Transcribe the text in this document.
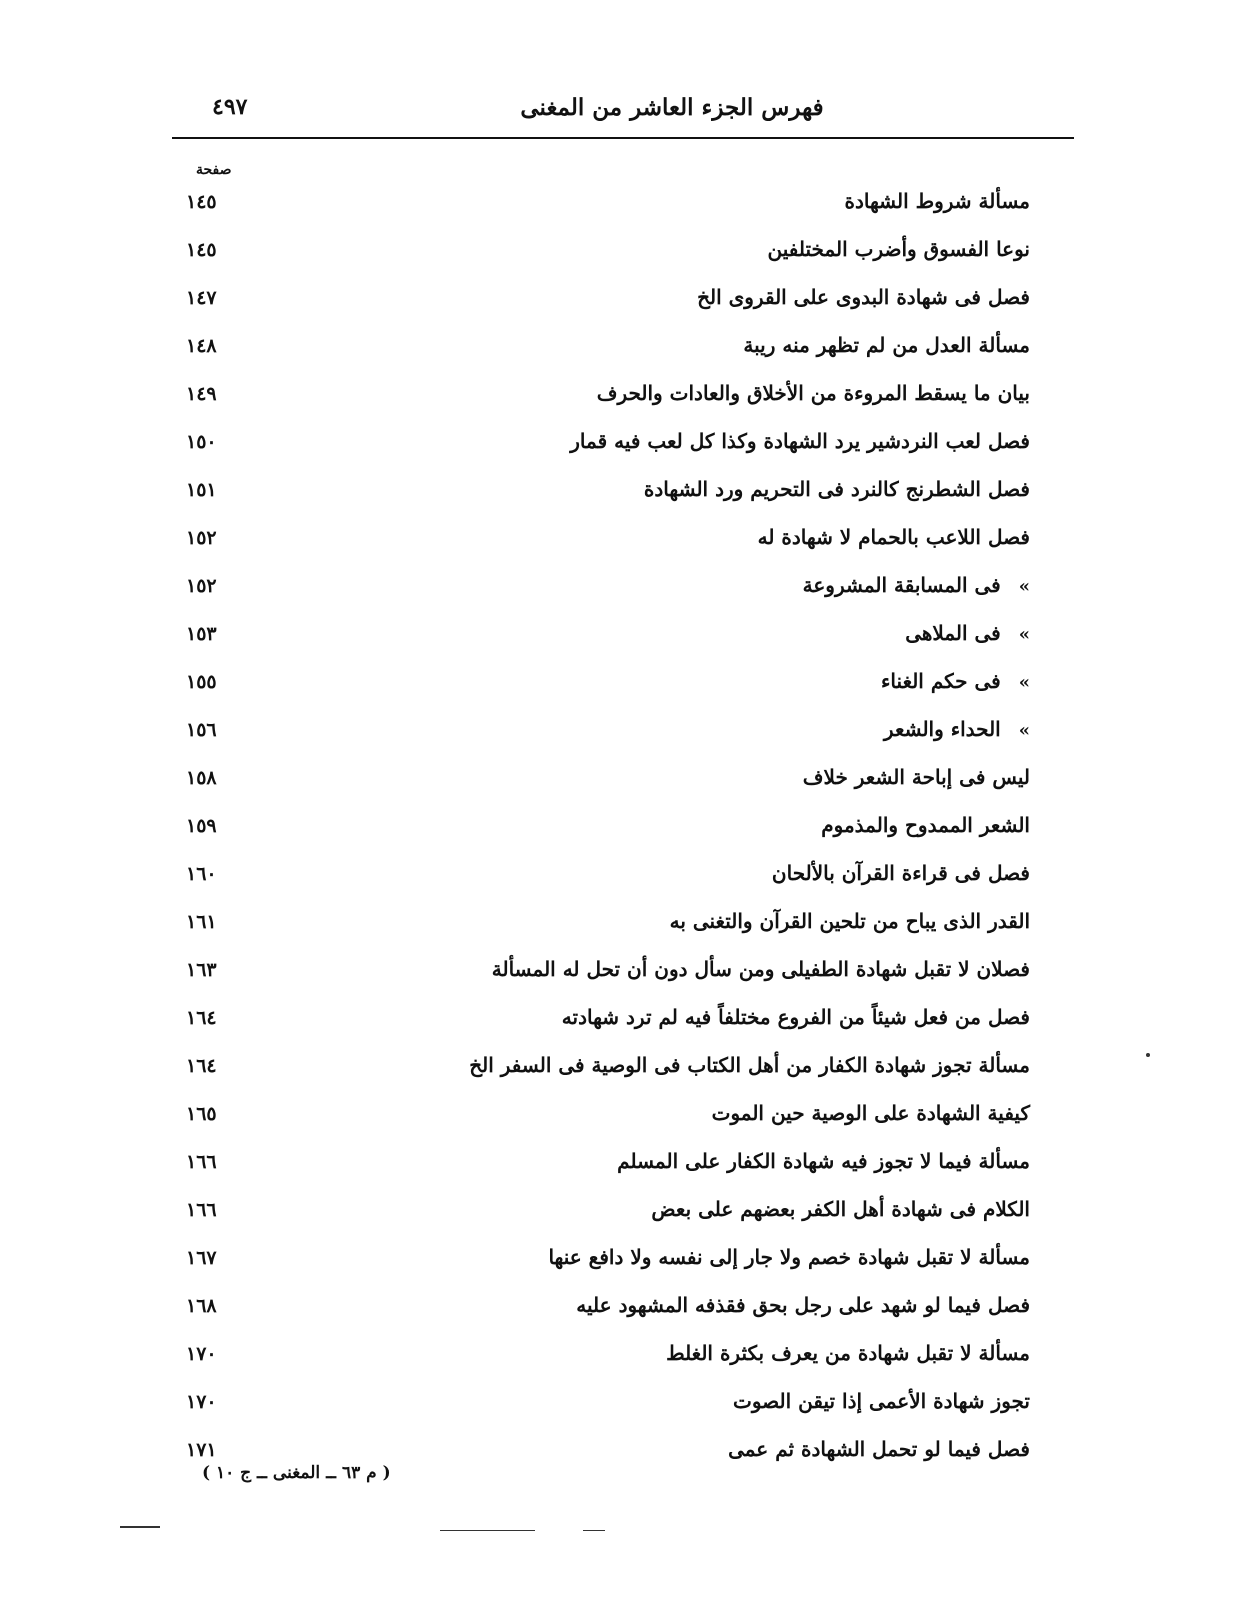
فهرس الجزء العاشر من المغنى
٤٩٧
صفحة
مسألة شروط الشهادة
١٤٥
نوعا الفسوق وأضرب المختلفين
١٤٥
فصل فى شهادة البدوى على القروى الخ
١٤٧
مسألة العدل من لم تظهر منه ريبة
١٤٨
بيان ما يسقط المروءة من الأخلاق والعادات والحرف
١٤٩
فصل لعب النردشير يرد الشهادة وكذا كل لعب فيه قمار
١٥٠
فصل الشطرنج كالنرد فى التحريم ورد الشهادة
١٥١
فصل اللاعب بالحمام لا شهادة له
١٥٢
»فى المسابقة المشروعة
١٥٢
»فى الملاهى
١٥٣
»فى حكم الغناء
١٥٥
»الحداء والشعر
١٥٦
ليس فى إباحة الشعر خلاف
١٥٨
الشعر الممدوح والمذموم
١٥٩
فصل فى قراءة القرآن بالألحان
١٦٠
القدر الذى يباح من تلحين القرآن والتغنى به
١٦١
فصلان لا تقبل شهادة الطفيلى ومن سأل دون أن تحل له المسألة
١٦٣
فصل من فعل شيئاً من الفروع مختلفاً فيه لم ترد شهادته
١٦٤
مسألة تجوز شهادة الكفار من أهل الكتاب فى الوصية فى السفر الخ
١٦٤
كيفية الشهادة على الوصية حين الموت
١٦٥
مسألة فيما لا تجوز فيه شهادة الكفار على المسلم
١٦٦
الكلام فى شهادة أهل الكفر بعضهم على بعض
١٦٦
مسألة لا تقبل شهادة خصم ولا جار إلى نفسه ولا دافع عنها
١٦٧
فصل فيما لو شهد على رجل بحق فقذفه المشهود عليه
١٦٨
مسألة لا تقبل شهادة من يعرف بكثرة الغلط
١٧٠
تجوز شهادة الأعمى إذا تيقن الصوت
١٧٠
فصل فيما لو تحمل الشهادة ثم عمى
١٧١
( م ٦٣ ــ المغنى ــ ج ١٠ )
